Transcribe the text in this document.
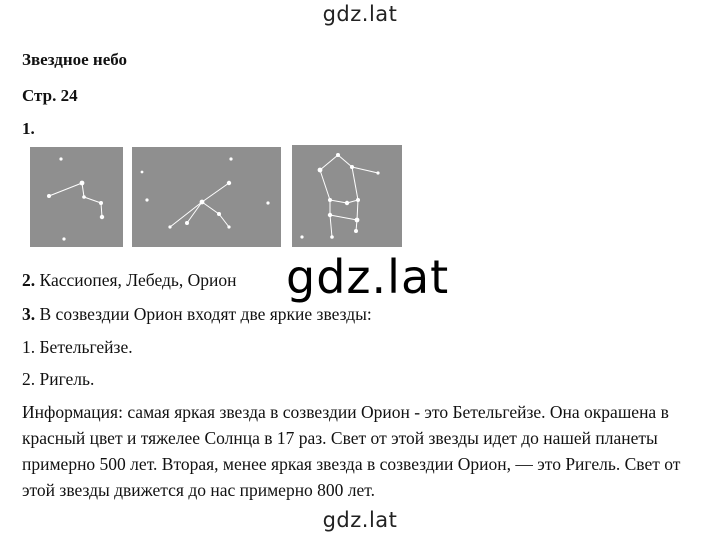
gdz.lat
Звездное небо
Стр. 24
1.
gdz.lat
2. Кассиопея, Лебедь, Орион
3. В созвездии Орион входят две яркие звезды:
1. Бетельгейзе.
2. Ригель.
Информация: самая яркая звезда в созвездии Орион - это Бетельгейзе. Она окрашена в красный цвет и тяжелее Солнца в 17 раз. Свет от этой звезды идет до нашей планеты примерно 500 лет. Вторая, менее яркая звезда в созвездии Орион, — это Ригель. Свет от этой звезды движется до нас примерно 800 лет.
gdz.lat
